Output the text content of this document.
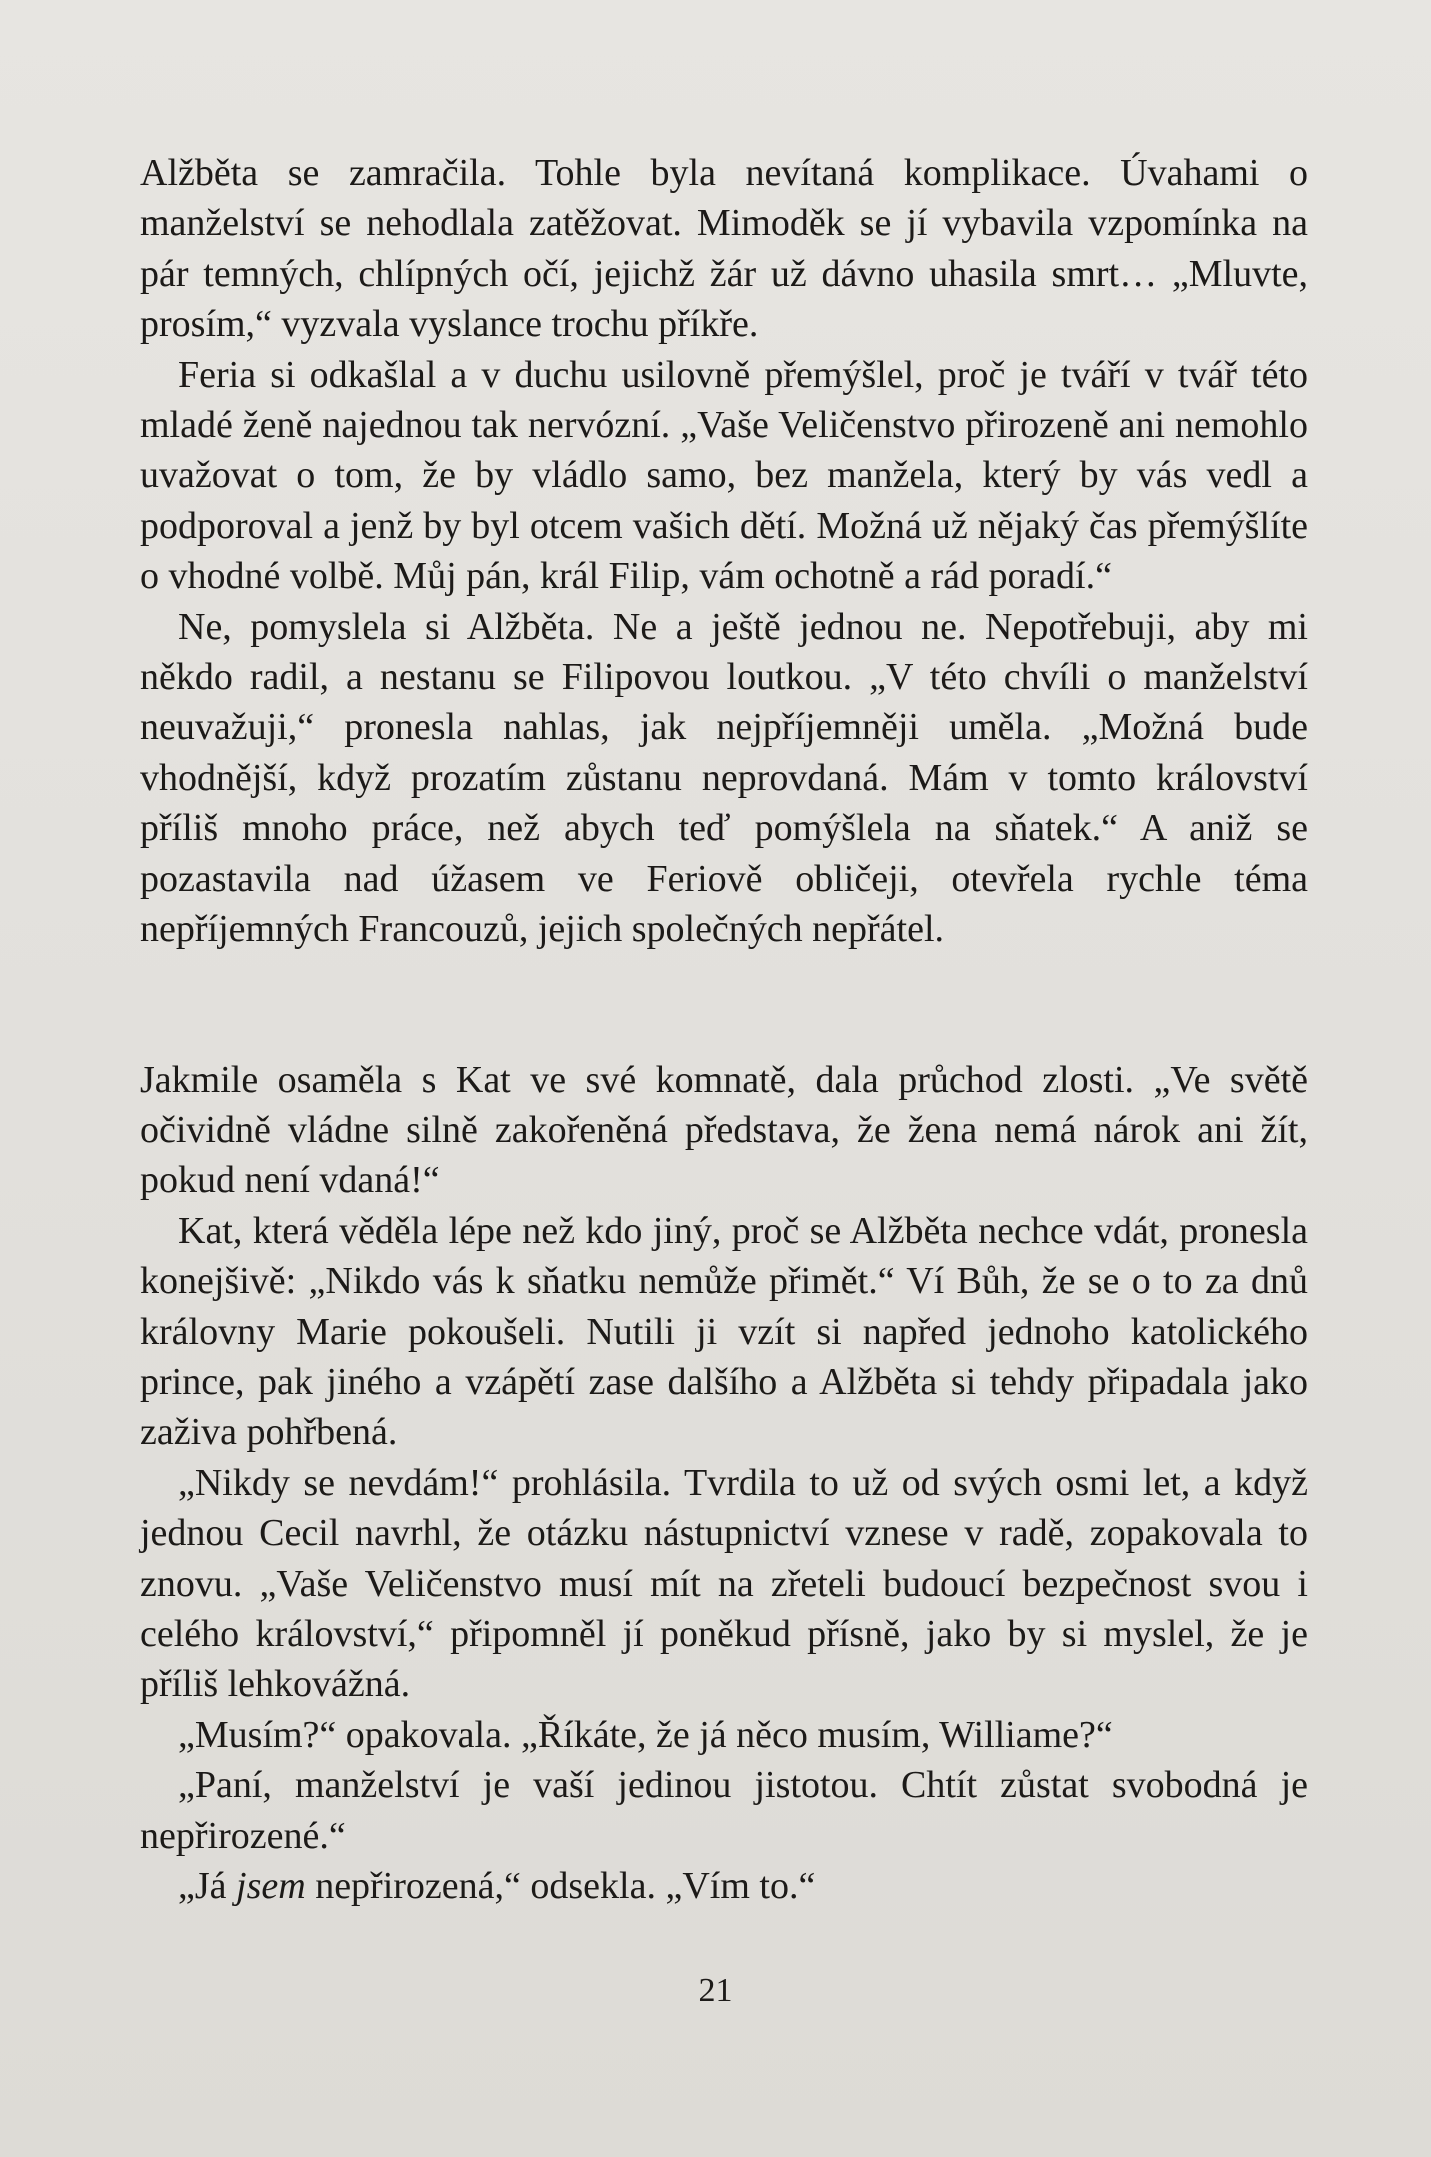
Alžběta se zamračila. Tohle byla nevítaná komplikace. Úvahami o manželství se nehodlala zatěžovat. Mimoděk se jí vybavila vzpomínka na pár temných, chlípných očí, jejichž žár už dávno uhasila smrt… „Mluvte, prosím,“ vyzvala vyslance trochu příkře.

Feria si odkašlal a v duchu usilovně přemýšlel, proč je tváří v tvář této mladé ženě najednou tak nervózní. „Vaše Veličenstvo přirozeně ani nemohlo uvažovat o tom, že by vládlo samo, bez manžela, který by vás vedl a podporoval a jenž by byl otcem vašich dětí. Možná už nějaký čas přemýšlíte o vhodné volbě. Můj pán, král Filip, vám ochotně a rád poradí.“

Ne, pomyslela si Alžběta. Ne a ještě jednou ne. Nepotřebuji, aby mi někdo radil, a nestanu se Filipovou loutkou. „V této chvíli o manželství neuvažuji,“ pronesla nahlas, jak nejpříjemněji uměla. „Možná bude vhodnější, když prozatím zůstanu neprovdaná. Mám v tomto království příliš mnoho práce, než abych teď pomýšlela na sňatek.“ A aniž se pozastavila nad úžasem ve Feriově obličeji, otevřela rychle téma nepříjemných Francouzů, jejich společných nepřátel.

Jakmile osaměla s Kat ve své komnatě, dala průchod zlosti. „Ve světě očividně vládne silně zakořeněná představa, že žena nemá nárok ani žít, pokud není vdaná!“

Kat, která věděla lépe než kdo jiný, proč se Alžběta nechce vdát, pronesla konejšivě: „Nikdo vás k sňatku nemůže přimět.“ Ví Bůh, že se o to za dnů královny Marie pokoušeli. Nutili ji vzít si napřed jednoho katolického prince, pak jiného a vzápětí zase dalšího a Alžběta si tehdy připadala jako zaživa pohřbená.

„Nikdy se nevdám!“ prohlásila. Tvrdila to už od svých osmi let, a když jednou Cecil navrhl, že otázku nástupnictví vznese v radě, zopakovala to znovu. „Vaše Veličenstvo musí mít na zřeteli budoucí bezpečnost svou i celého království,“ připomněl jí poněkud přísně, jako by si myslel, že je příliš lehkovážná.

„Musím?“ opakovala. „Říkáte, že já něco musím, Williame?“

„Paní, manželství je vaší jedinou jistotou. Chtít zůstat svobodná je nepřirozené.“

„Já jsem nepřirozená,“ odsekla. „Vím to.“

21
